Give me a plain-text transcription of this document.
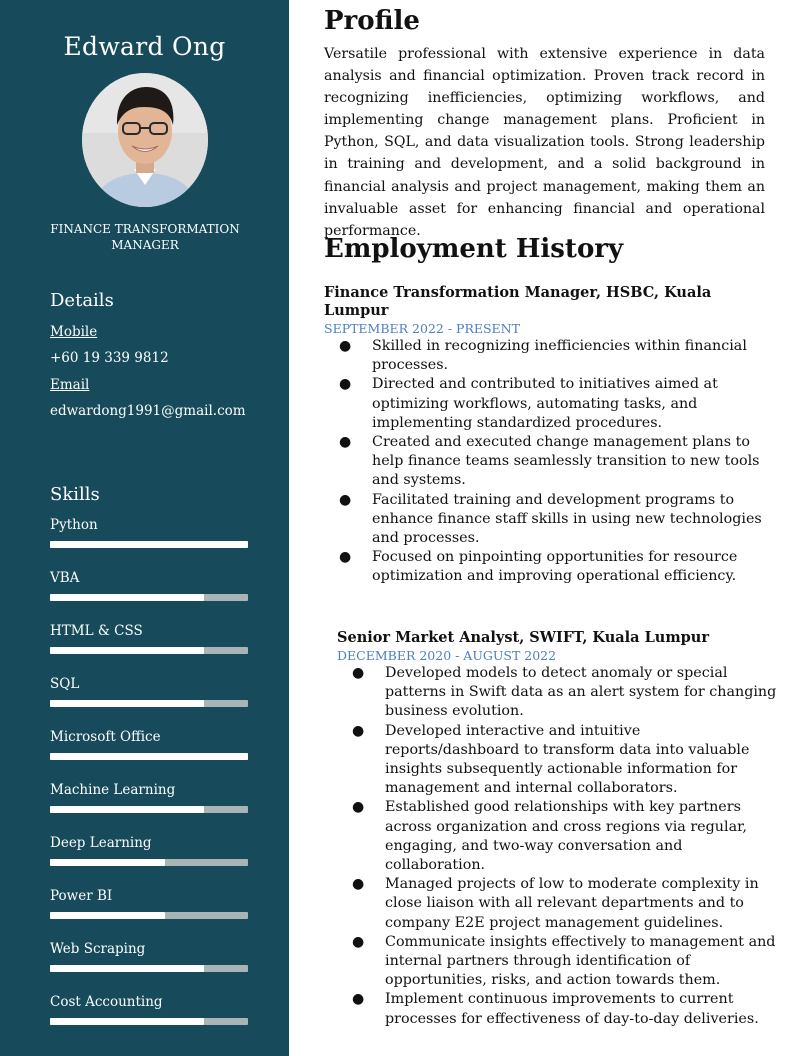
Edward Ong
FINANCE TRANSFORMATION MANAGER
Details
Mobile
+60 19 339 9812
Email
edwardong1991@gmail.com
Skills
Python
VBA
HTML & CSS
SQL
Microsoft Office
Machine Learning
Deep Learning
Power BI
Web Scraping
Cost Accounting
Profile

Versatile professional with extensive experience in data analysis and financial optimization. Proven track record in recognizing inefficiencies, optimizing workflows, and implementing change management plans. Proficient in Python, SQL, and data visualization tools. Strong leadership in training and development, and a solid background in financial analysis and project management, making them an invaluable asset for enhancing financial and operational performance.

Employment History
Finance Transformation Manager, HSBC, Kuala Lumpur
SEPTEMBER 2022 - PRESENT
● Skilled in recognizing inefficiencies within financial processes.
● Directed and contributed to initiatives aimed at optimizing workflows, automating tasks, and implementing standardized procedures.
● Created and executed change management plans to help finance teams seamlessly transition to new tools and systems.
● Facilitated training and development programs to enhance finance staff skills in using new technologies and processes.
● Focused on pinpointing opportunities for resource optimization and improving operational efficiency.
Senior Market Analyst, SWIFT, Kuala Lumpur
DECEMBER 2020 - AUGUST 2022
● Developed models to detect anomaly or special patterns in Swift data as an alert system for changing business evolution.
● Developed interactive and intuitive reports/dashboard to transform data into valuable insights subsequently actionable information for management and internal collaborators.
● Established good relationships with key partners across organization and cross regions via regular, engaging, and two-way conversation and collaboration.
● Managed projects of low to moderate complexity in close liaison with all relevant departments and to company E2E project management guidelines.
● Communicate insights effectively to management and internal partners through identification of opportunities, risks, and action towards them.
● Implement continuous improvements to current processes for effectiveness of day-to-day deliveries.
